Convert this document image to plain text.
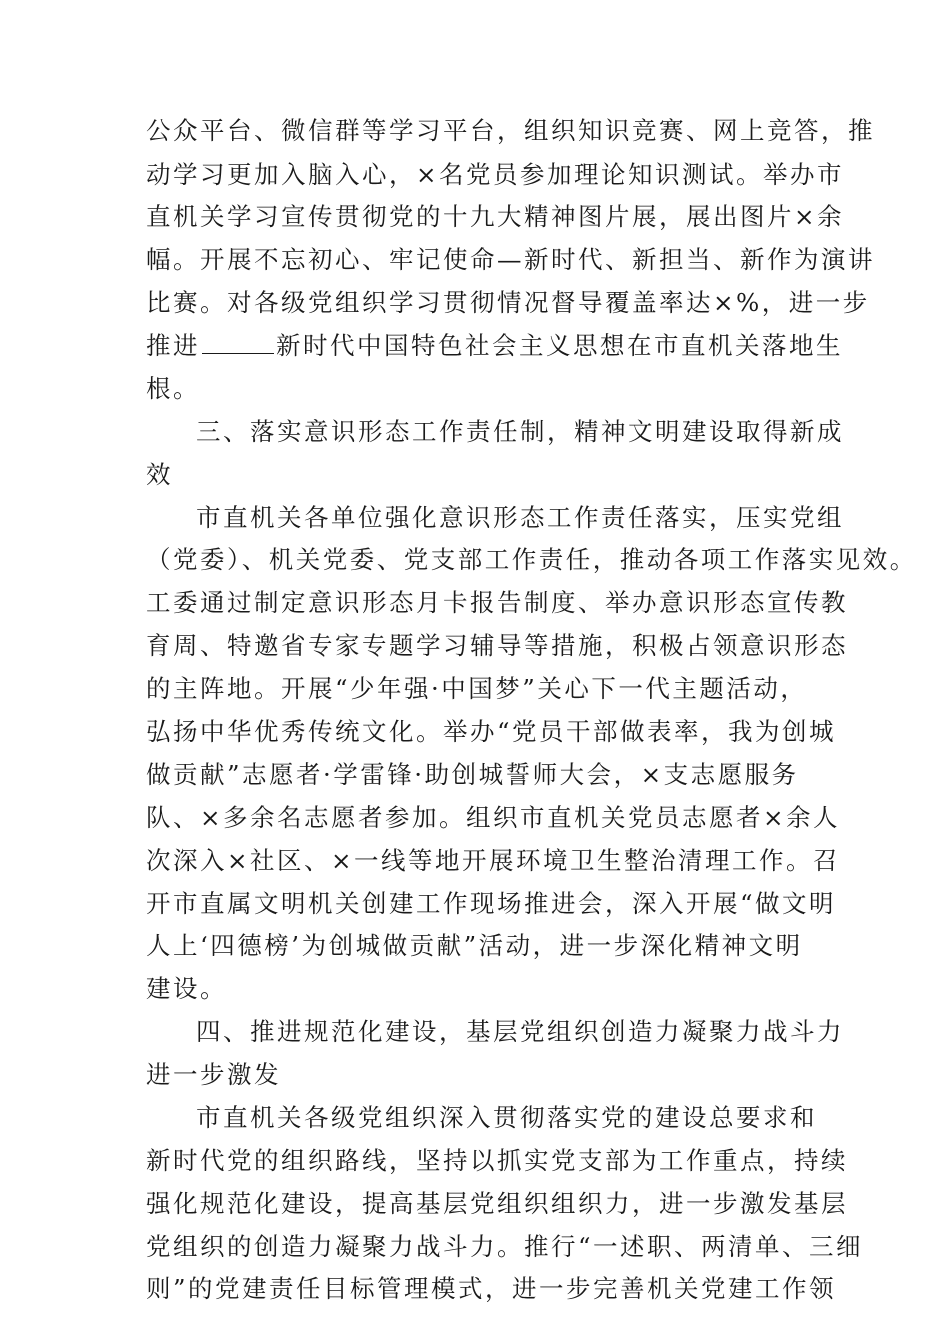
公众平台、微信群等学习平台，组织知识竞赛、网上竞答，推

动学习更加入脑入心，×名党员参加理论知识测试。举办市

直机关学习宣传贯彻党的十九大精神图片展，展出图片×余

幅。开展不忘初心、牢记使命—新时代、新担当、新作为演讲

比赛。对各级党组织学习贯彻情况督导覆盖率达×%，进一步

推进	新时代中国特色社会主义思想在市直机关落地生

根。

三、落实意识形态工作责任制，精神文明建设取得新成

效

市直机关各单位强化意识形态工作责任落实，压实党组

（党委）、机关党委、党支部工作责任，推动各项工作落实见效。

工委通过制定意识形态月卡报告制度、举办意识形态宣传教

育周、特邀省专家专题学习辅导等措施，积极占领意识形态

的主阵地。开展“少年强·中国梦”关心下一代主题活动，

弘扬中华优秀传统文化。举办“党员干部做表率，我为创城

做贡献”志愿者·学雷锋·助创城誓师大会，×支志愿服务

队、×多余名志愿者参加。组织市直机关党员志愿者×余人

次深入×社区、×一线等地开展环境卫生整治清理工作。召

开市直属文明机关创建工作现场推进会，深入开展“做文明

人上‘四德榜’为创城做贡献”活动，进一步深化精神文明

建设。

四、推进规范化建设，基层党组织创造力凝聚力战斗力

进一步激发

市直机关各级党组织深入贯彻落实党的建设总要求和

新时代党的组织路线，坚持以抓实党支部为工作重点，持续

强化规范化建设，提高基层党组织组织力，进一步激发基层

党组织的创造力凝聚力战斗力。推行“一述职、两清单、三细

则”的党建责任目标管理模式，进一步完善机关党建工作领
